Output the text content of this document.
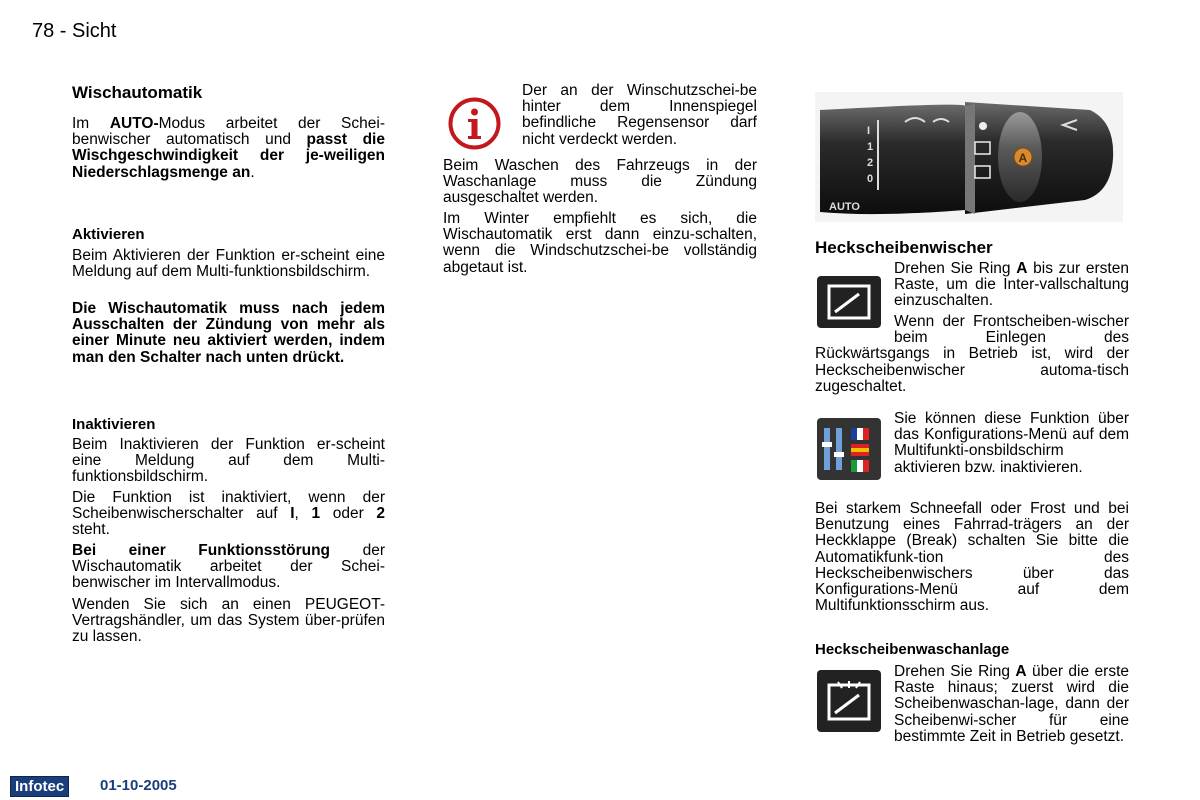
78 - Sicht
Wischautomatik

Im AUTO-Modus arbeitet der Schei-benwischer automatisch und passt die Wischgeschwindigkeit der je-weiligen Niederschlagsmenge an.

Aktivieren

Beim Aktivieren der Funktion er-scheint eine Meldung auf dem Multi-funktionsbildschirm.

Die Wischautomatik muss nach jedem Ausschalten der Zündung von mehr als einer Minute neu aktiviert werden, indem man den Schalter nach unten drückt.

Inaktivieren

Beim Inaktivieren der Funktion er-scheint eine Meldung auf dem Multi-funktionsbildschirm.

Die Funktion ist inaktiviert, wenn der Scheibenwischerschalter auf I, 1 oder 2 steht.

Bei einer Funktionsstörung der Wischautomatik arbeitet der Schei-benwischer im Intervallmodus.

Wenden Sie sich an einen PEUGEOT-Vertragshändler, um das System über-prüfen zu lassen.

Der an der Winschutzschei-be hinter dem Innenspiegel befindliche Regensensor darf nicht verdeckt werden.

Beim Waschen des Fahrzeugs in der Waschanlage muss die Zündung ausgeschaltet werden.

Im Winter empfiehlt es sich, die Wischautomatik erst dann einzu-schalten, wenn die Windschutzschei-be vollständig abgetaut ist.

I
1
2
0
A
AUTO
Heckscheibenwischer

Drehen Sie Ring A bis zur ersten Raste, um die Inter-vallschaltung einzuschalten.

Wenn der Frontscheiben-wischer beim Einlegen des Rückwärtsgangs in Betrieb ist, wird der Heckscheibenwischer automa-tisch zugeschaltet.

Sie können diese Funktion über das Konfigurations-Menü auf dem Multifunkti-onsbildschirm aktivieren bzw. inaktivieren.

Bei starkem Schneefall oder Frost und bei Benutzung eines Fahrrad-trägers an der Heckklappe (Break) schalten Sie bitte die Automatikfunk-tion des Heckscheibenwischers über das Konfigurations-Menü auf dem Multifunktionsschirm aus.

Heckscheibenwaschanlage

Drehen Sie Ring A über die erste Raste hinaus; zuerst wird die Scheibenwaschan-lage, dann der Scheibenwi-scher für eine bestimmte Zeit in Betrieb gesetzt.

Infotec	01-10-2005
